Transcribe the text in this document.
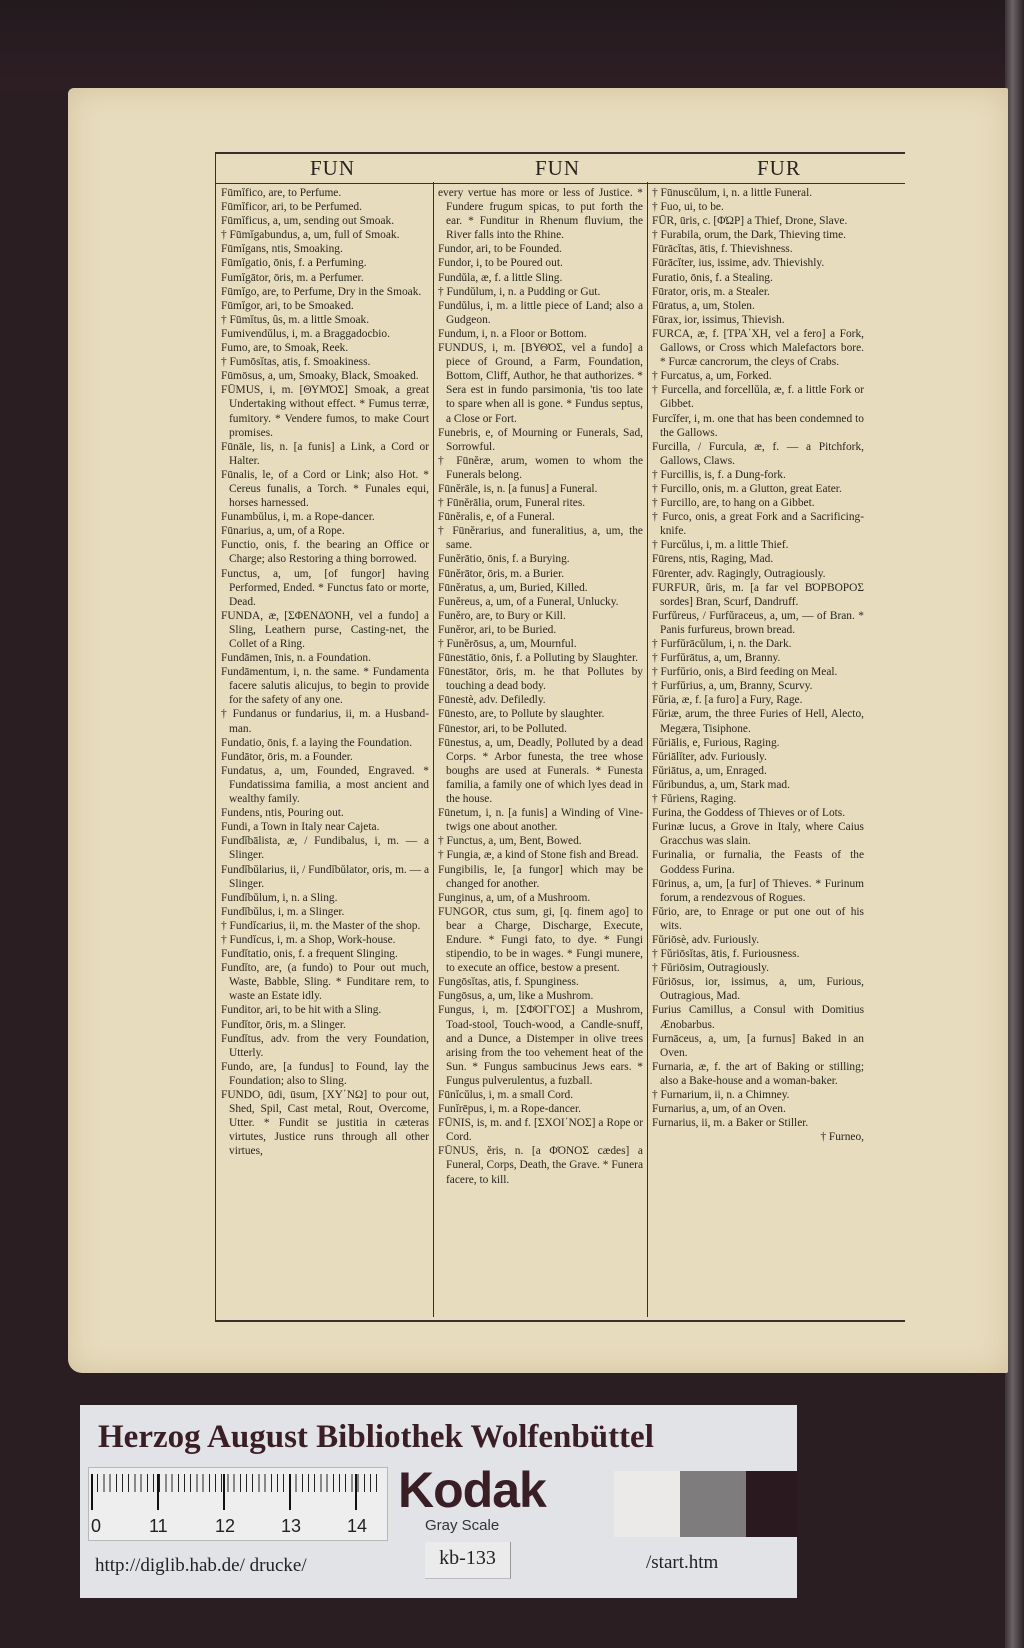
FUN	FUN	FUR

Fūmĭfico, are, to Perfume.

Fūmĭficor, ari, to be Perfumed.

Fūmĭficus, a, um, sending out Smoak.

† Fūmĭgabundus, a, um, full of Smoak.

Fūmĭgans, ntis, Smoaking.

Fūmĭgatio, ōnis, f. a Perfuming.

Fumĭgātor, ōris, m. a Perfumer.

Fūmĭgo, are, to Perfume, Dry in the Smoak.

Fūmĭgor, ari, to be Smoaked.

† Fūmĭtus, ûs, m. a little Smoak.

Fumivendŭlus, i, m. a Braggadocbio.

Fumo, are, to Smoak, Reek.

† Fumōsĭtas, atis, f. Smoakiness.

Fūmōsus, a, um, Smoaky, Black, Smoaked.

FŪMUS, i, m. [ΘΥΜΌΣ] Smoak, a great Undertaking without effect. * Fumus terræ, fumitory. * Vendere fumos, to make Court promises.

Fūnāle, lis, n. [a funis] a Link, a Cord or Halter.

Fūnalis, le, of a Cord or Link; also Hot. * Cereus funalis, a Torch. * Funales equi, horses harnessed.

Funambŭlus, i, m. a Rope-dancer.

Fūnarius, a, um, of a Rope.

Functio, onis, f. the bearing an Office or Charge; also Restoring a thing borrowed.

Functus, a, um, [of fungor] having Performed, Ended. * Functus fato or morte, Dead.

FUNDA, æ, [ΣΦΕΝΔΌΝΗ, vel a fundo] a Sling, Leathern purse, Casting-net, the Collet of a Ring.

Fundāmen, īnis, n. a Foundation.

Fundāmentum, i, n. the same. * Fundamenta facere salutis alicujus, to begin to provide for the safety of any one.

† Fundanus or fundarius, ii, m. a Husband-man.

Fundatio, ōnis, f. a laying the Foundation.

Fundātor, ōris, m. a Founder.

Fundatus, a, um, Founded, Engraved. * Fundatissima familia, a most ancient and wealthy family.

Fundens, ntis, Pouring out.

Fundi, a Town in Italy near Cajeta.

Fundĭbālista, æ, / Fundibalus, i, m. — a Slinger.

Fundĭbŭlarius, ii, / Fundĭbŭlator, oris, m. — a Slinger.

Fundĭbŭlum, i, n. a Sling.

Fundĭbŭlus, i, m. a Slinger.

† Fundĭcarius, ii, m. the Master of the shop.

† Fundĭcus, i, m. a Shop, Work-house.

Fundĭtatio, onis, f. a frequent Slinging.

Fundĭto, are, (a fundo) to Pour out much, Waste, Babble, Sling. * Funditare rem, to waste an Estate idly.

Funditor, ari, to be hit with a Sling.

Fundĭtor, ōris, m. a Slinger.

Fundĭtus, adv. from the very Foundation, Utterly.

Fundo, are, [a fundus] to Found, lay the Foundation; also to Sling.

FUNDO, ūdi, ūsum, [ΧΥ΄ΝΩ] to pour out, Shed, Spil, Cast metal, Rout, Overcome, Utter. * Fundit se justitia in cæteras virtutes, Justice runs through all other virtues,

every vertue has more or less of Justice. * Fundere frugum spicas, to put forth the ear. * Funditur in Rhenum fluvium, the River falls into the Rhine.

Fundor, ari, to be Founded.

Fundor, i, to be Poured out.

Fundŭla, æ, f. a little Sling.

† Fundŭlum, i, n. a Pudding or Gut.

Fundŭlus, i, m. a little piece of Land; also a Gudgeon.

Fundum, i, n. a Floor or Bottom.

FUNDUS, i, m. [ΒΥΘΌΣ, vel a fundo] a piece of Ground, a Farm, Foundation, Bottom, Cliff, Author, he that authorizes. * Sera est in fundo parsimonia, 'tis too late to spare when all is gone. * Fundus septus, a Close or Fort.

Funebris, e, of Mourning or Funerals, Sad, Sorrowful.

† Fūnĕræ, arum, women to whom the Funerals belong.

Fūnĕrāle, is, n. [a funus] a Funeral.

† Fūnĕrālia, orum, Funeral rites.

Fūnĕralis, e, of a Funeral.

† Fūnĕrarius, and funeralitius, a, um, the same.

Funĕrātio, ōnis, f. a Burying.

Fūnĕrātor, ōris, m. a Burier.

Fūnĕratus, a, um, Buried, Killed.

Funĕreus, a, um, of a Funeral, Unlucky.

Funĕro, are, to Bury or Kill.

Funĕror, ari, to be Buried.

† Funĕrōsus, a, um, Mournful.

Fūnestātio, ōnis, f. a Polluting by Slaughter.

Fūnestātor, ōris, m. he that Pollutes by touching a dead body.

Fūnestè, adv. Defiledly.

Fūnesto, are, to Pollute by slaughter.

Fūnestor, ari, to be Polluted.

Fūnestus, a, um, Deadly, Polluted by a dead Corps. * Arbor funesta, the tree whose boughs are used at Funerals. * Funesta familia, a family one of which lyes dead in the house.

Fūnetum, i, n. [a funis] a Winding of Vine-twigs one about another.

† Functus, a, um, Bent, Bowed.

† Fungia, æ, a kind of Stone fish and Bread.

Fungibilis, le, [a fungor] which may be changed for another.

Funginus, a, um, of a Mushroom.

FUNGOR, ctus sum, gi, [q. finem ago] to bear a Charge, Discharge, Execute, Endure. * Fungi fato, to dye. * Fungi stipendio, to be in wages. * Fungi munere, to execute an office, bestow a present.

Fungōsĭtas, atis, f. Spunginess.

Fungōsus, a, um, like a Mushrom.

Fungus, i, m. [ΣΦΌΓΓΟΣ] a Mushrom, Toad-stool, Touch-wood, a Candle-snuff, and a Dunce, a Distemper in olive trees arising from the too vehement heat of the Sun. * Fungus sambucinus Jews ears. * Fungus pulverulentus, a fuzball.

Fūnĭcŭlus, i, m. a small Cord.

Funĭrēpus, i, m. a Rope-dancer.

FŪNIS, is, m. and f. [ΣΧΟΙ΄ΝΟΣ] a Rope or Cord.

FŪNUS, ĕris, n. [a ΦΌΝΟΣ cædes] a Funeral, Corps, Death, the Grave. * Funera facere, to kill.

† Fūnuscŭlum, i, n. a little Funeral.

† Fuo, ui, to be.

FŪR, ūris, c. [ΦΏΡ] a Thief, Drone, Slave.

† Furabila, orum, the Dark, Thieving time.

Fūrācĭtas, ātis, f. Thievishness.

Fūrācĭter, ius, issime, adv. Thievishly.

Furatio, ōnis, f. a Stealing.

Fūrator, oris, m. a Stealer.

Fūratus, a, um, Stolen.

Fūrax, ior, issimus, Thievish.

FURCA, æ, f. [ΤΡΑ΄ΧΗ, vel a fero] a Fork, Gallows, or Cross which Malefactors bore. * Furcæ cancrorum, the cleys of Crabs.

† Furcatus, a, um, Forked.

† Furcella, and forcellŭla, æ, f. a little Fork or Gibbet.

Furcĭfer, i, m. one that has been condemned to the Gallows.

Furcilla, / Furcula, æ, f. — a Pitchfork, Gallows, Claws.

† Furcillis, is, f. a Dung-fork.

† Furcillo, onis, m. a Glutton, great Eater.

† Furcillo, are, to hang on a Gibbet.

† Furco, onis, a great Fork and a Sacrificing-knife.

† Furcŭlus, i, m. a little Thief.

Fūrens, ntis, Raging, Mad.

Fūrenter, adv. Ragingly, Outragiously.

FURFUR, ŭris, m. [a far vel ΒΌΡΒΟΡΟΣ sordes] Bran, Scurf, Dandruff.

Furfŭreus, / Furfŭraceus, a, um, — of Bran. * Panis furfureus, brown bread.

† Furfŭrācŭlum, i, n. the Dark.

† Furfŭrātus, a, um, Branny.

† Furfŭrio, onis, a Bird feeding on Meal.

† Furfŭrius, a, um, Branny, Scurvy.

Fŭria, æ, f. [a furo] a Fury, Rage.

Fŭriæ, arum, the three Furies of Hell, Alecto, Megæra, Tisiphone.

Fŭriālis, e, Furious, Raging.

Fŭriālĭter, adv. Furiously.

Fŭriātus, a, um, Enraged.

Fŭribundus, a, um, Stark mad.

† Fŭriens, Raging.

Furina, the Goddess of Thieves or of Lots.

Furinæ lucus, a Grove in Italy, where Caius Gracchus was slain.

Furinalia, or furnalia, the Feasts of the Goddess Furina.

Fūrinus, a, um, [a fur] of Thieves. * Furinum forum, a rendezvous of Rogues.

Fŭrio, are, to Enrage or put one out of his wits.

Fŭriōsè, adv. Furiously.

† Fŭriōsĭtas, ātis, f. Furiousness.

† Fŭriōsim, Outragiously.

Fŭriōsus, ior, issimus, a, um, Furious, Outragious, Mad.

Furius Camillus, a Consul with Domitius Ænobarbus.

Furnāceus, a, um, [a furnus] Baked in an Oven.

Furnaria, æ, f. the art of Baking or stilling; also a Bake-house and a woman-baker.

† Furnarium, ii, n. a Chimney.

Furnarius, a, um, of an Oven.

Furnarius, ii, m. a Baker or Stiller.

† Furneo,
Herzog August Bibliothek Wolfenbüttel
0	11	12	13	14
Kodak
Gray Scale
kb-133
http://diglib.hab.de/ drucke/	/start.htm
